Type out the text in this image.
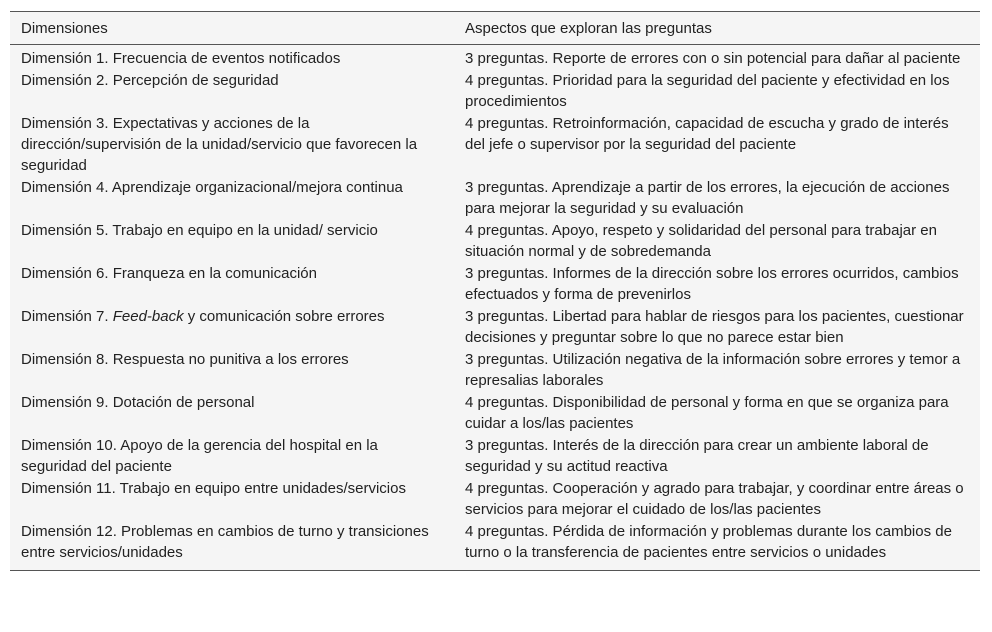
Dimensiones	Aspectos que exploran las preguntas
Dimensión 1. Frecuencia de eventos notificados	3 preguntas. Reporte de errores con o sin potencial para dañar al paciente
Dimensión 2. Percepción de seguridad	4 preguntas. Prioridad para la seguridad del paciente y efectividad en los procedimientos
Dimensión 3. Expectativas y acciones de la dirección/supervisión de la unidad/servicio que favorecen la seguridad	4 preguntas. Retroinformación, capacidad de escucha y grado de interés del jefe o supervisor por la seguridad del paciente
Dimensión 4. Aprendizaje organizacional/mejora continua	3 preguntas. Aprendizaje a partir de los errores, la ejecución de acciones para mejorar la seguridad y su evaluación
Dimensión 5. Trabajo en equipo en la unidad/ servicio	4 preguntas. Apoyo, respeto y solidaridad del personal para trabajar en situación normal y de sobredemanda
Dimensión 6. Franqueza en la comunicación	3 preguntas. Informes de la dirección sobre los errores ocurridos, cambios efectuados y forma de prevenirlos
Dimensión 7. Feed-back y comunicación sobre errores	3 preguntas. Libertad para hablar de riesgos para los pacientes, cuestionar decisiones y preguntar sobre lo que no parece estar bien
Dimensión 8. Respuesta no punitiva a los errores	3 preguntas. Utilización negativa de la información sobre errores y temor a represalias laborales
Dimensión 9. Dotación de personal	4 preguntas. Disponibilidad de personal y forma en que se organiza para cuidar a los/las pacientes
Dimensión 10. Apoyo de la gerencia del hospital en la seguridad del paciente	3 preguntas. Interés de la dirección para crear un ambiente laboral de seguridad y su actitud reactiva
Dimensión 11. Trabajo en equipo entre unidades/servicios	4 preguntas. Cooperación y agrado para trabajar, y coordinar entre áreas o servicios para mejorar el cuidado de los/las pacientes
Dimensión 12. Problemas en cambios de turno y transiciones entre servicios/unidades	4 preguntas. Pérdida de información y problemas durante los cambios de turno o la transferencia de pacientes entre servicios o unidades
